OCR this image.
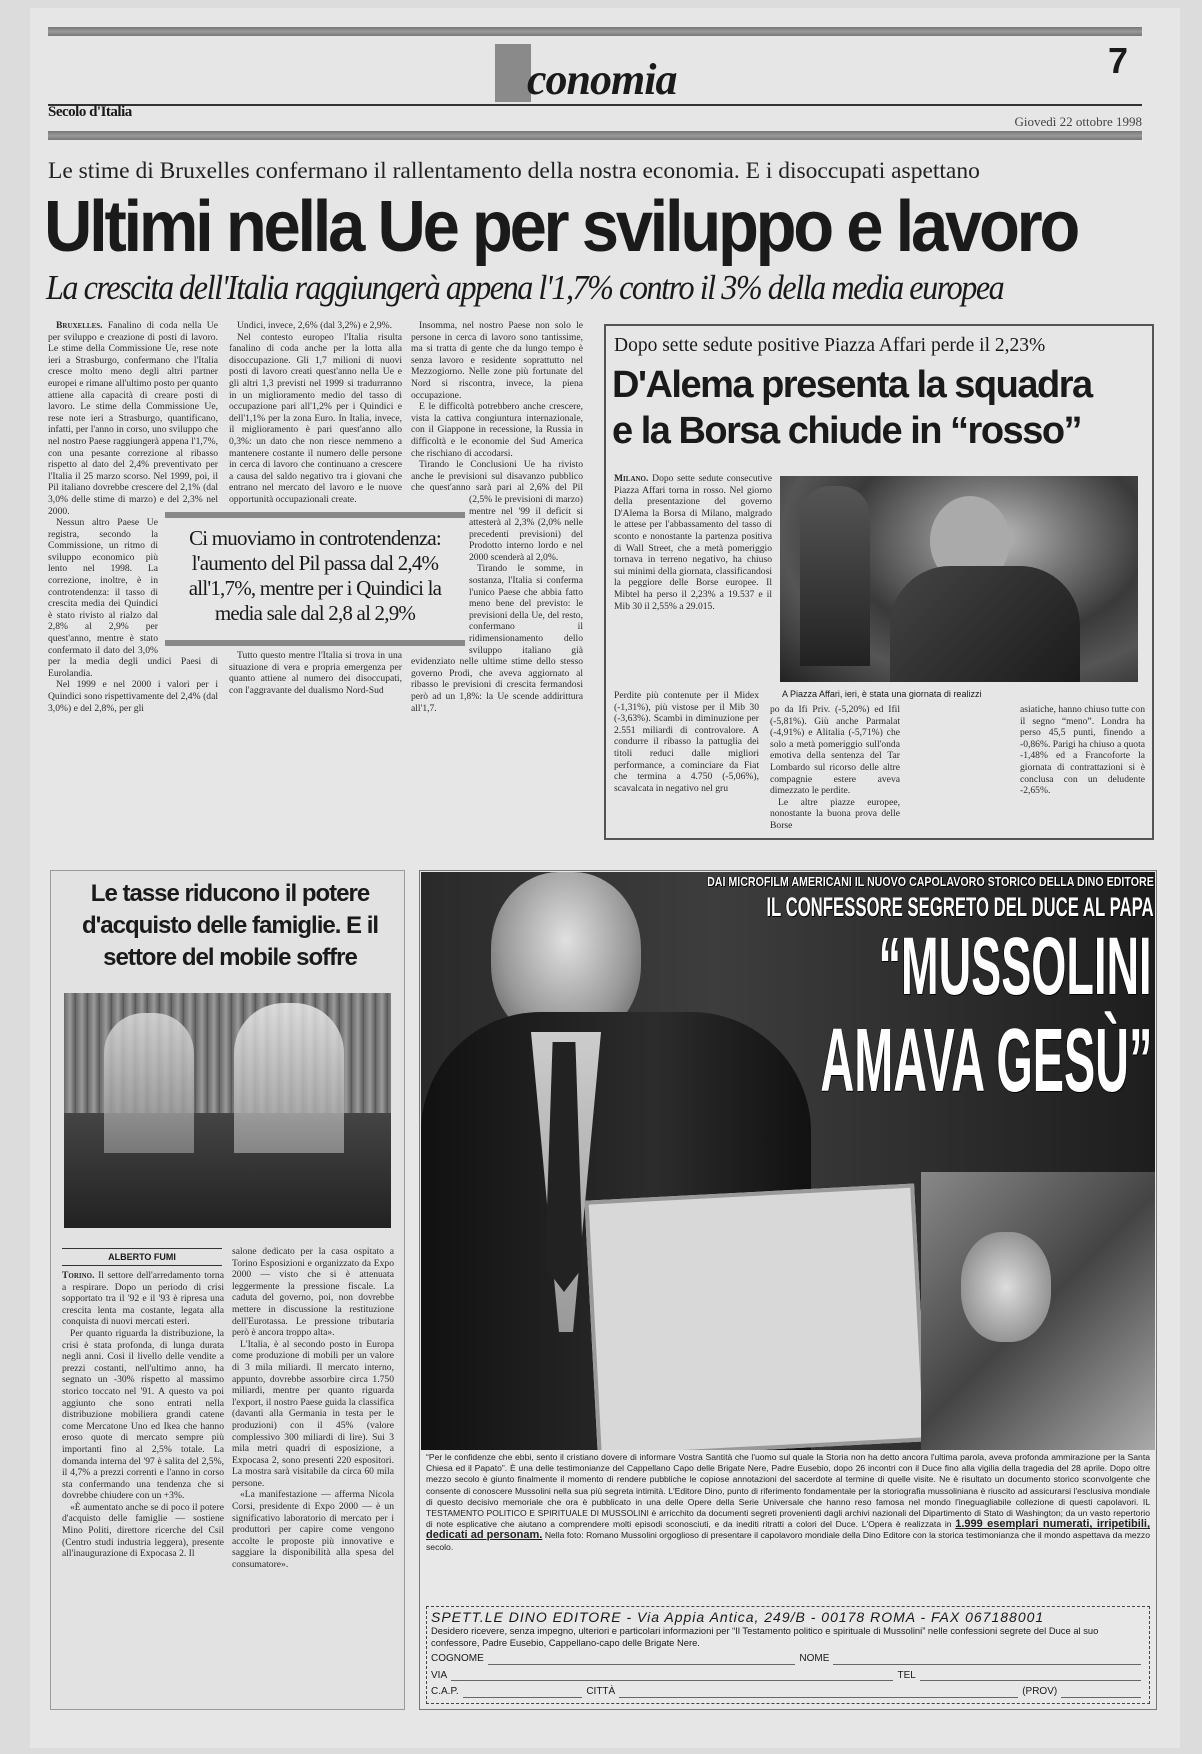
conomia	7
Secolo d'Italia
Giovedì 22 ottobre 1998
Le stime di Bruxelles confermano il rallentamento della nostra economia. E i disoccupati aspettano
Ultimi nella Ue per sviluppo e lavoro
La crescita dell'Italia raggiungerà appena l'1,7% contro il 3% della media europea

Bruxelles. Fanalino di coda nella Ue per sviluppo e creazione di posti di lavoro. Le stime della Commissione Ue, rese note ieri a Strasburgo, confermano che l'Italia cresce molto meno degli altri partner europei e rimane all'ultimo posto per quanto attiene alla capacità di creare posti di lavoro. Le stime della Commissione Ue, rese note ieri a Strasburgo, quantificano, infatti, per l'anno in corso, uno sviluppo che nel nostro Paese raggiungerà appena l'1,7%, con una pesante correzione al ribasso rispetto al dato del 2,4% preventivato per l'Italia il 25 marzo scorso. Nel 1999, poi, il Pil italiano dovrebbe crescere del 2,1% (dal 3,0% delle stime di marzo) e del 2,3% nel 2000.

Nessun altro Paese Ue registra, secondo la Commissione, un ritmo di sviluppo economico più lento nel 1998. La correzione, inoltre, è in controtendenza: il tasso di crescita media dei Quindici è stato rivisto al rialzo dal 2,8% al 2,9% per quest'anno, mentre è stato confermato il dato del 3,0% per la media degli undici Paesi di Eurolandia.

Nel 1999 e nel 2000 i valori per i Quindici sono rispettivamente del 2,4% (dal 3,0%) e del 2,8%, per gli

Undici, invece, 2,6% (dal 3,2%) e 2,9%.

Nel contesto europeo l'Italia risulta fanalino di coda anche per la lotta alla disoccupazione. Gli 1,7 milioni di nuovi posti di lavoro creati quest'anno nella Ue e gli altri 1,3 previsti nel 1999 si tradurranno in un miglioramento medio del tasso di occupazione pari all'1,2% per i Quindici e dell'1,1% per la zona Euro. In Italia, invece, il miglioramento è pari quest'anno allo 0,3%: un dato che non riesce nemmeno a mantenere costante il numero delle persone in cerca di lavoro che continuano a crescere a causa del saldo negativo tra i giovani che entrano nel mercato del lavoro e le nuove opportunità occupazionali create.

Tutto questo mentre l'Italia si trova in una situazione di vera e propria emergenza per quanto attiene al numero dei disoccupati, con l'aggravante del dualismo Nord-Sud

Insomma, nel nostro Paese non solo le persone in cerca di lavoro sono tantissime, ma si tratta di gente che da lungo tempo è senza lavoro e residente soprattutto nel Mezzogiorno. Nelle zone più fortunate del Nord si riscontra, invece, la piena occupazione.

E le difficoltà potrebbero anche crescere, vista la cattiva congiuntura internazionale, con il Giappone in recessione, la Russia in difficoltà e le economie del Sud America che rischiano di accodarsi.

Tirando le Conclusioni Ue ha rivisto anche le previsioni sul disavanzo pubblico che quest'anno sarà pari al 2,6% del Pil (2,5% le previsioni di marzo) mentre nel '99 il deficit si attesterà al 2,3% (2,0% nelle precedenti previsioni) del Prodotto interno lordo e nel 2000 scenderà al 2,0%.

Tirando le somme, in sostanza, l'Italia si conferma l'unico Paese che abbia fatto meno bene del previsto: le previsioni della Ue, del resto, confermano il ridimensionamento dello sviluppo italiano già evidenziato nelle ultime stime dello stesso governo Prodi, che aveva aggiornato al ribasso le previsioni di crescita fermandosi però ad un 1,8%: la Ue scende addirittura all'1,7.

Ci muoviamo in controtendenza: l'aumento del Pil passa dal 2,4% all'1,7%, mentre per i Quindici la media sale dal 2,8 al 2,9%
Dopo sette sedute positive Piazza Affari perde il 2,23%
D'Alema presenta la squadra
e la Borsa chiude in “rosso”

Milano. Dopo sette sedute consecutive Piazza Affari torna in rosso. Nel giorno della presentazione del governo D'Alema la Borsa di Milano, malgrado le attese per l'abbassamento del tasso di sconto e nonostante la partenza positiva di Wall Street, che a metà pomeriggio tornava in terreno negativo, ha chiuso sui minimi della giornata, classificandosi la peggiore delle Borse europee. Il Mibtel ha perso il 2,23% a 19.537 e il Mib 30 il 2,55% a 29.015.

A Piazza Affari, ieri, è stata una giornata di realizzi

Perdite più contenute per il Midex (-1,31%), più vistose per il Mib 30 (-3,63%). Scambi in diminuzione per 2.551 miliardi di controvalore. A condurre il ribasso la pattuglia dei titoli reduci dalle migliori performance, a cominciare da Fiat che termina a 4.750 (-5,06%), scavalcata in negativo nel gru

po da Ifi Priv. (-5,20%) ed Ifil (-5,81%). Giù anche Parmalat (-4,91%) e Alitalia (-5,71%) che solo a metà pomeriggio sull'onda emotiva della sentenza del Tar Lombardo sul ricorso delle altre compagnie estere aveva dimezzato le perdite.

Le altre piazze europee, nonostante la buona prova delle Borse

asiatiche, hanno chiuso tutte con il segno “meno”. Londra ha perso 45,5 punti, finendo a -0,86%. Parigi ha chiuso a quota -1,48% ed a Francoforte la giornata di contrattazioni si è conclusa con un deludente -2,65%.

Le tasse riducono il potere d'acquisto delle famiglie. E il settore del mobile soffre
ALBERTO FUMI

Torino. Il settore dell'arredamento torna a respirare. Dopo un periodo di crisi sopportato tra il '92 e il '93 è ripresa una crescita lenta ma costante, legata alla conquista di nuovi mercati esteri.

Per quanto riguarda la distribuzione, la crisi è stata profonda, di lunga durata negli anni. Così il livello delle vendite a prezzi costanti, nell'ultimo anno, ha segnato un -30% rispetto al massimo storico toccato nel '91. A questo va poi aggiunto che sono entrati nella distribuzione mobiliera grandi catene come Mercatone Uno ed Ikea che hanno eroso quote di mercato sempre più importanti fino al 2,5% totale. La domanda interna del '97 è salita del 2,5%, il 4,7% a prezzi correnti e l'anno in corso sta confermando una tendenza che si dovrebbe chiudere con un +3%.

«È aumentato anche se di poco il potere d'acquisto delle famiglie — sostiene Mino Politi, direttore ricerche del Csil (Centro studi industria leggera), presente all'inaugurazione di Expocasa 2. Il

salone dedicato per la casa ospitato a Torino Esposizioni e organizzato da Expo 2000 — visto che si è attenuata leggermente la pressione fiscale. La caduta del governo, poi, non dovrebbe mettere in discussione la restituzione dell'Eurotassa. Le pressione tributaria però è ancora troppo alta».

L'Italia, è al secondo posto in Europa come produzione di mobili per un valore di 3 mila miliardi. Il mercato interno, appunto, dovrebbe assorbire circa 1.750 miliardi, mentre per quanto riguarda l'export, il nostro Paese guida la classifica (davanti alla Germania in testa per le produzioni) con il 45% (valore complessivo 300 miliardi di lire). Sui 3 mila metri quadri di esposizione, a Expocasa 2, sono presenti 220 espositori. La mostra sarà visitabile da circa 60 mila persone.

«La manifestazione — afferma Nicola Corsi, presidente di Expo 2000 — è un significativo laboratorio di mercato per i produttori per capire come vengono accolte le proposte più innovative e saggiare la disponibilità alla spesa del consumatore».

DAI MICROFILM AMERICANI IL NUOVO CAPOLAVORO STORICO DELLA DINO EDITORE
IL CONFESSORE SEGRETO DEL DUCE AL PAPA
“MUSSOLINI
AMAVA GESÙ”
“Per le confidenze che ebbi, sento il cristiano dovere di informare Vostra Santità che l'uomo sul quale la Storia non ha detto ancora l'ultima parola, aveva profonda ammirazione per la Santa Chiesa ed il Papato”. È una delle testimonianze del Cappellano Capo delle Brigate Nere, Padre Eusebio, dopo 26 incontri con il Duce fino alla vigilia della tragedia del 28 aprile. Dopo oltre mezzo secolo è giunto finalmente il momento di rendere pubbliche le copiose annotazioni del sacerdote al termine di quelle visite. Ne è risultato un documento storico sconvolgente che consente di conoscere Mussolini nella sua più segreta intimità. L'Editore Dino, punto di riferimento fondamentale per la storiografia mussoliniana è riuscito ad assicurarsi l'esclusiva mondiale di questo decisivo memoriale che ora è pubblicato in una delle Opere della Serie Universale che hanno reso famosa nel mondo l'ineguagliabile collezione di questi capolavori. IL TESTAMENTO POLITICO E SPIRITUALE DI MUSSOLINI è arricchito da documenti segreti provenienti dagli archivi nazionali del Dipartimento di Stato di Washington; da un vasto repertorio di note esplicative che aiutano a comprendere molti episodi sconosciuti, e da inediti ritratti a colori del Duce. L'Opera è realizzata in 1.999 esemplari numerati, irripetibili, dedicati ad personam. Nella foto: Romano Mussolini orgoglioso di presentare il capolavoro mondiale della Dino Editore con la storica testimonianza che il mondo aspettava da mezzo secolo.
SPETT.LE DINO EDITORE - Via Appia Antica, 249/B - 00178 ROMA - FAX 067188001
Desidero ricevere, senza impegno, ulteriori e particolari informazioni per “Il Testamento politico e spirituale di Mussolini” nelle confessioni segrete del Duce al suo confessore, Padre Eusebio, Cappellano-capo delle Brigate Nere.
COGNOME	NOME
VIA	TEL
C.A.P.	CITTÀ	(PROV)
